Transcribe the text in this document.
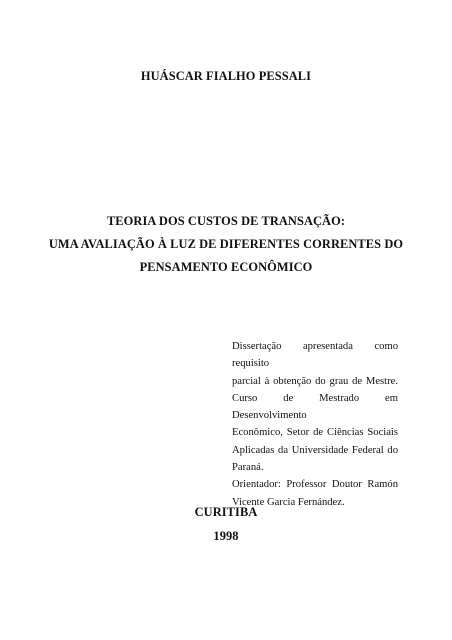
HUÁSCAR FIALHO PESSALI
TEORIA DOS CUSTOS DE TRANSAÇÃO:
UMA AVALIAÇÃO À LUZ DE DIFERENTES CORRENTES DO
PENSAMENTO ECONÔMICO
Dissertação apresentada como requisito
parcial à obtenção do grau de Mestre.
Curso de Mestrado em Desenvolvimento
Econômico, Setor de Ciências Sociais
Aplicadas da Universidade Federal do
Paraná.
Orientador: Professor Doutor Ramón
Vicente Garcia Fernández.
CURITIBA
1998
